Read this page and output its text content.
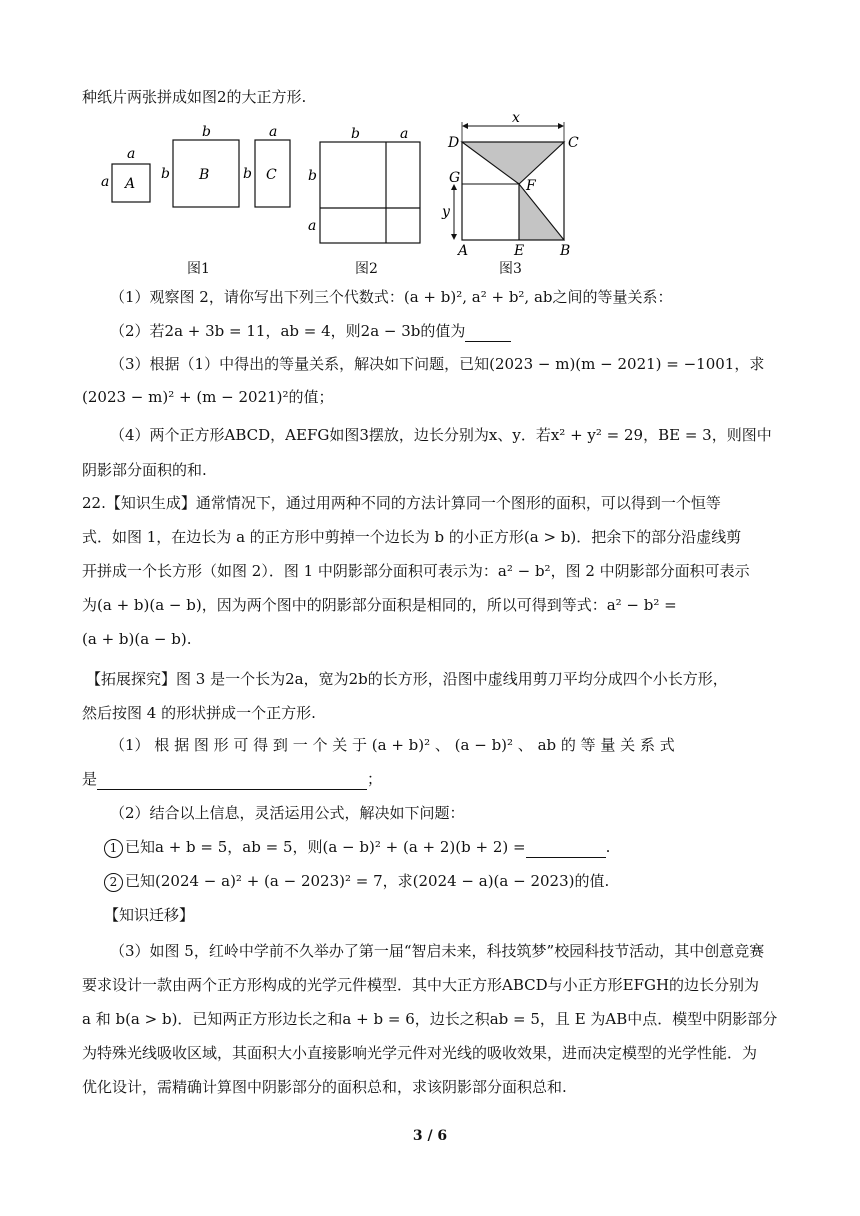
种纸片两张拼成如图2的大正方形.
a
a A
b
b B
a
b C
图1
b	a
b
a
图2
x
D	C
G	F
y
A	E	B
图3
（1）观察图 2，请你写出下列三个代数式：(a + b)², a² + b², ab之间的等量关系：
（2）若2a + 3b = 11，ab = 4，则2a − 3b的值为
（3）根据（1）中得出的等量关系，解决如下问题，已知(2023 − m)(m − 2021) = −1001，求
(2023 − m)² + (m − 2021)²的值；
（4）两个正方形ABCD，AEFG如图3摆放，边长分别为x、y．若x² + y² = 29，BE = 3，则图中
阴影部分面积的和.
22.【知识生成】通常情况下，通过用两种不同的方法计算同一个图形的面积，可以得到一个恒等
式．如图 1，在边长为 a 的正方形中剪掉一个边长为 b 的小正方形(a > b)．把余下的部分沿虚线剪
开拼成一个长方形（如图 2）．图 1 中阴影部分面积可表示为：a² − b²，图 2 中阴影部分面积可表示
为(a + b)(a − b)，因为两个图中的阴影部分面积是相同的，所以可得到等式：a² − b² =
(a + b)(a − b).
【拓展探究】图 3 是一个长为2a，宽为2b的长方形，沿图中虚线用剪刀平均分成四个小长方形，
然后按图 4 的形状拼成一个正方形.
（1） 根 据 图 形 可 得 到 一 个 关 于 (a + b)² 、 (a − b)² 、 ab 的 等 量 关 系 式
是	；
（2）结合以上信息，灵活运用公式，解决如下问题：
1 已知a + b = 5，ab = 5，则(a − b)² + (a + 2)(b + 2) =	.
2 已知(2024 − a)² + (a − 2023)² = 7，求(2024 − a)(a − 2023)的值.
【知识迁移】
（3）如图 5，红岭中学前不久举办了第一届“智启未来，科技筑梦”校园科技节活动，其中创意竞赛
要求设计一款由两个正方形构成的光学元件模型．其中大正方形ABCD与小正方形EFGH的边长分别为
a 和 b(a > b)．已知两正方形边长之和a + b = 6，边长之积ab = 5，且 E 为AB中点．模型中阴影部分
为特殊光线吸收区域，其面积大小直接影响光学元件对光线的吸收效果，进而决定模型的光学性能．为
优化设计，需精确计算图中阴影部分的面积总和，求该阴影部分面积总和.
3 / 6
